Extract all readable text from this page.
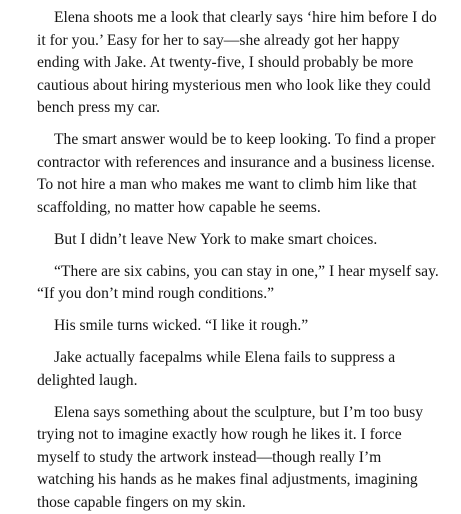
Elena shoots me a look that clearly says ‘hire him before I do it for you.’ Easy for her to say—she already got her happy ending with Jake. At twenty-five, I should probably be more cautious about hiring mysterious men who look like they could bench press my car.

The smart answer would be to keep looking. To find a proper contractor with references and insurance and a business license. To not hire a man who makes me want to climb him like that scaffolding, no matter how capable he seems.

But I didn’t leave New York to make smart choices.

“There are six cabins, you can stay in one,” I hear myself say. “If you don’t mind rough conditions.”

His smile turns wicked. “I like it rough.”

Jake actually facepalms while Elena fails to suppress a delighted laugh.

Elena says something about the sculpture, but I’m too busy trying not to imagine exactly how rough he likes it. I force myself to study the artwork instead—though really I’m watching his hands as he makes final adjustments, imagining those capable fingers on my skin.
